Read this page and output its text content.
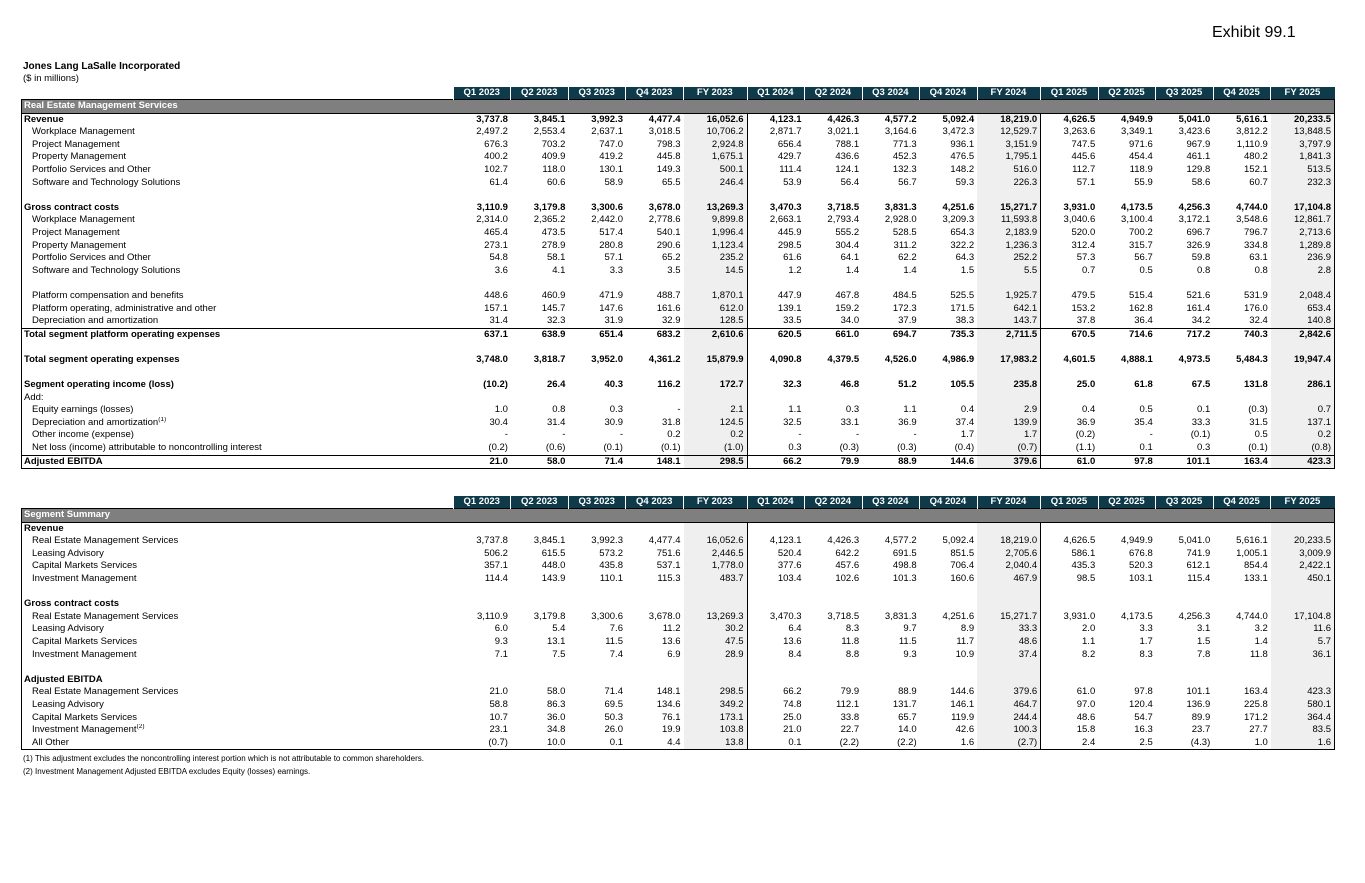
Exhibit 99.1
Jones Lang LaSalle Incorporated
($ in millions)
	Q1 2023	Q2 2023	Q3 2023	Q4 2023	FY 2023	Q1 2024	Q2 2024	Q3 2024	Q4 2024	FY 2024	Q1 2025	Q2 2025	Q3 2025	Q4 2025	FY 2025
Real Estate Management Services															
Revenue	3,737.8	3,845.1	3,992.3	4,477.4	16,052.6	4,123.1	4,426.3	4,577.2	5,092.4	18,219.0	4,626.5	4,949.9	5,041.0	5,616.1	20,233.5
Workplace Management	2,497.2	2,553.4	2,637.1	3,018.5	10,706.2	2,871.7	3,021.1	3,164.6	3,472.3	12,529.7	3,263.6	3,349.1	3,423.6	3,812.2	13,848.5
Project Management	676.3	703.2	747.0	798.3	2,924.8	656.4	788.1	771.3	936.1	3,151.9	747.5	971.6	967.9	1,110.9	3,797.9
Property Management	400.2	409.9	419.2	445.8	1,675.1	429.7	436.6	452.3	476.5	1,795.1	445.6	454.4	461.1	480.2	1,841.3
Portfolio Services and Other	102.7	118.0	130.1	149.3	500.1	111.4	124.1	132.3	148.2	516.0	112.7	118.9	129.8	152.1	513.5
Software and Technology Solutions	61.4	60.6	58.9	65.5	246.4	53.9	56.4	56.7	59.3	226.3	57.1	55.9	58.6	60.7	232.3

Gross contract costs	3,110.9	3,179.8	3,300.6	3,678.0	13,269.3	3,470.3	3,718.5	3,831.3	4,251.6	15,271.7	3,931.0	4,173.5	4,256.3	4,744.0	17,104.8
Workplace Management	2,314.0	2,365.2	2,442.0	2,778.6	9,899.8	2,663.1	2,793.4	2,928.0	3,209.3	11,593.8	3,040.6	3,100.4	3,172.1	3,548.6	12,861.7
Project Management	465.4	473.5	517.4	540.1	1,996.4	445.9	555.2	528.5	654.3	2,183.9	520.0	700.2	696.7	796.7	2,713.6
Property Management	273.1	278.9	280.8	290.6	1,123.4	298.5	304.4	311.2	322.2	1,236.3	312.4	315.7	326.9	334.8	1,289.8
Portfolio Services and Other	54.8	58.1	57.1	65.2	235.2	61.6	64.1	62.2	64.3	252.2	57.3	56.7	59.8	63.1	236.9
Software and Technology Solutions	3.6	4.1	3.3	3.5	14.5	1.2	1.4	1.4	1.5	5.5	0.7	0.5	0.8	0.8	2.8

Platform compensation and benefits	448.6	460.9	471.9	488.7	1,870.1	447.9	467.8	484.5	525.5	1,925.7	479.5	515.4	521.6	531.9	2,048.4
Platform operating, administrative and other	157.1	145.7	147.6	161.6	612.0	139.1	159.2	172.3	171.5	642.1	153.2	162.8	161.4	176.0	653.4
Depreciation and amortization	31.4	32.3	31.9	32.9	128.5	33.5	34.0	37.9	38.3	143.7	37.8	36.4	34.2	32.4	140.8
Total segment platform operating expenses	637.1	638.9	651.4	683.2	2,610.6	620.5	661.0	694.7	735.3	2,711.5	670.5	714.6	717.2	740.3	2,842.6

Total segment operating expenses	3,748.0	3,818.7	3,952.0	4,361.2	15,879.9	4,090.8	4,379.5	4,526.0	4,986.9	17,983.2	4,601.5	4,888.1	4,973.5	5,484.3	19,947.4

Segment operating income (loss)	(10.2)	26.4	40.3	116.2	172.7	32.3	46.8	51.2	105.5	235.8	25.0	61.8	67.5	131.8	286.1
Add:															
Equity earnings (losses)	1.0	0.8	0.3	-	2.1	1.1	0.3	1.1	0.4	2.9	0.4	0.5	0.1	(0.3)	0.7
Depreciation and amortization$^{(1)}$	30.4	31.4	30.9	31.8	124.5	32.5	33.1	36.9	37.4	139.9	36.9	35.4	33.3	31.5	137.1
Other income (expense)	-	-	-	0.2	0.2	-	-	-	1.7	1.7	(0.2)	-	(0.1)	0.5	0.2
Net loss (income) attributable to noncontrolling interest	(0.2)	(0.6)	(0.1)	(0.1)	(1.0)	0.3	(0.3)	(0.3)	(0.4)	(0.7)	(1.1)	0.1	0.3	(0.1)	(0.8)
Adjusted EBITDA	21.0	58.0	71.4	148.1	298.5	66.2	79.9	88.9	144.6	379.6	61.0	97.8	101.1	163.4	423.3
	Q1 2023	Q2 2023	Q3 2023	Q4 2023	FY 2023	Q1 2024	Q2 2024	Q3 2024	Q4 2024	FY 2024	Q1 2025	Q2 2025	Q3 2025	Q4 2025	FY 2025
Segment Summary															
Revenue															
Real Estate Management Services	3,737.8	3,845.1	3,992.3	4,477.4	16,052.6	4,123.1	4,426.3	4,577.2	5,092.4	18,219.0	4,626.5	4,949.9	5,041.0	5,616.1	20,233.5
Leasing Advisory	506.2	615.5	573.2	751.6	2,446.5	520.4	642.2	691.5	851.5	2,705.6	586.1	676.8	741.9	1,005.1	3,009.9
Capital Markets Services	357.1	448.0	435.8	537.1	1,778.0	377.6	457.6	498.8	706.4	2,040.4	435.3	520.3	612.1	854.4	2,422.1
Investment Management	114.4	143.9	110.1	115.3	483.7	103.4	102.6	101.3	160.6	467.9	98.5	103.1	115.4	133.1	450.1

Gross contract costs															
Real Estate Management Services	3,110.9	3,179.8	3,300.6	3,678.0	13,269.3	3,470.3	3,718.5	3,831.3	4,251.6	15,271.7	3,931.0	4,173.5	4,256.3	4,744.0	17,104.8
Leasing Advisory	6.0	5.4	7.6	11.2	30.2	6.4	8.3	9.7	8.9	33.3	2.0	3.3	3.1	3.2	11.6
Capital Markets Services	9.3	13.1	11.5	13.6	47.5	13.6	11.8	11.5	11.7	48.6	1.1	1.7	1.5	1.4	5.7
Investment Management	7.1	7.5	7.4	6.9	28.9	8.4	8.8	9.3	10.9	37.4	8.2	8.3	7.8	11.8	36.1

Adjusted EBITDA															
Real Estate Management Services	21.0	58.0	71.4	148.1	298.5	66.2	79.9	88.9	144.6	379.6	61.0	97.8	101.1	163.4	423.3
Leasing Advisory	58.8	86.3	69.5	134.6	349.2	74.8	112.1	131.7	146.1	464.7	97.0	120.4	136.9	225.8	580.1
Capital Markets Services	10.7	36.0	50.3	76.1	173.1	25.0	33.8	65.7	119.9	244.4	48.6	54.7	89.9	171.2	364.4
Investment Management$^{(2)}$	23.1	34.8	26.0	19.9	103.8	21.0	22.7	14.0	42.6	100.3	15.8	16.3	23.7	27.7	83.5
All Other	(0.7)	10.0	0.1	4.4	13.8	0.1	(2.2)	(2.2)	1.6	(2.7)	2.4	2.5	(4.3)	1.0	1.6
(1) This adjustment excludes the noncontrolling interest portion which is not attributable to common shareholders.
(2) Investment Management Adjusted EBITDA excludes Equity (losses) earnings.
